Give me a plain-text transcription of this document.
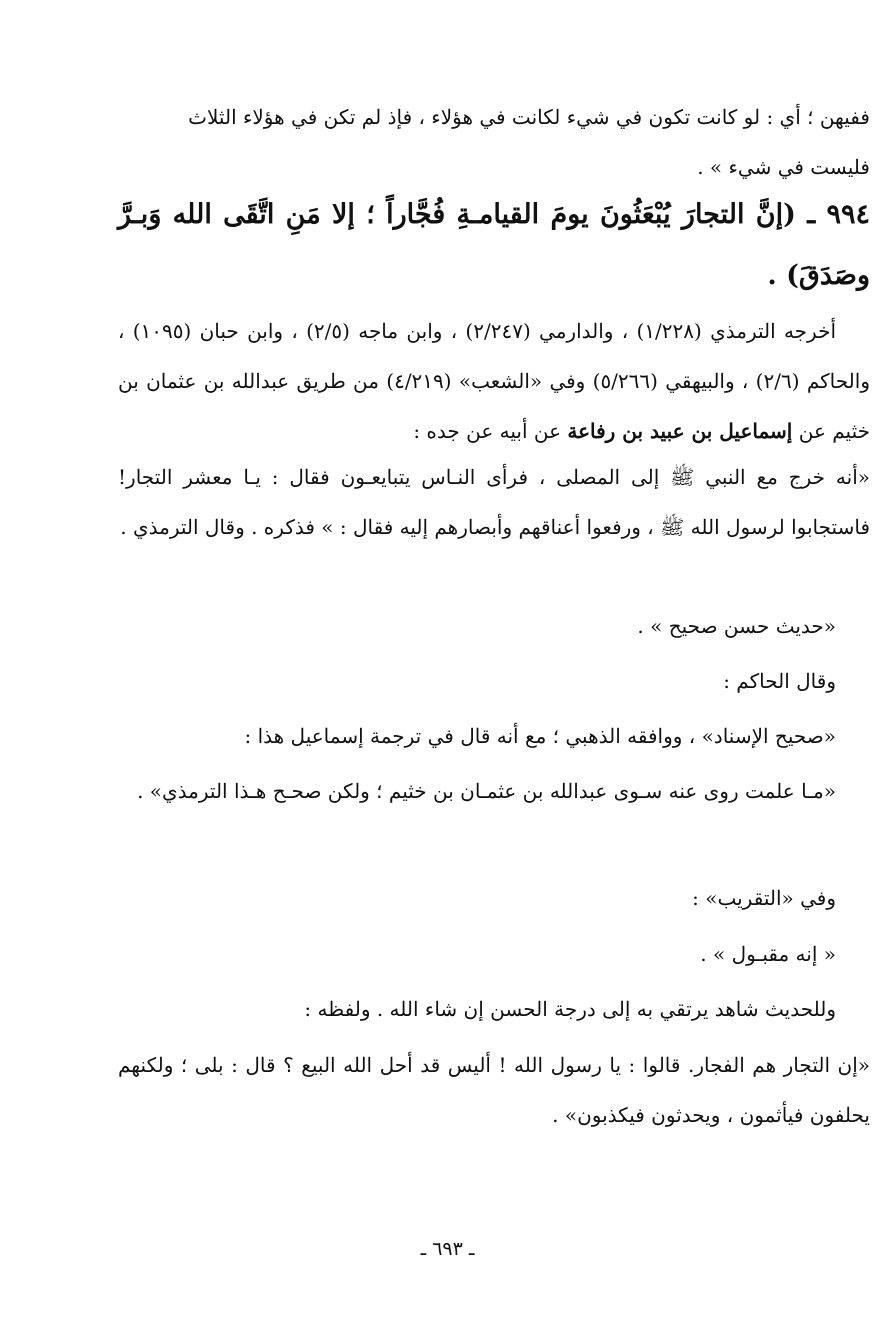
ففيهن ؛ أي : لو كانت تكون في شيء لكانت في هؤلاء ، فإذ لم تكن في هؤلاء الثلاث
فليست في شيء » .
٩٩٤ ـ (إنَّ التجارَ يُبْعَثُونَ يومَ القيامـةِ فُجَّاراً ؛ إلا مَنِ اتَّقَى الله وَبـرَّ وصَدَقَ) .
أخرجه الترمذي (١/٢٢٨) ، والدارمي (٢/٢٤٧) ، وابن ماجه (٢/٥) ، وابن حبان (١٠٩٥) ، والحاكم (٢/٦) ، والبيهقي (٥/٢٦٦) وفي «الشعب» (٤/٢١٩) من طريق عبدالله بن عثمان بن خثيم عن إسماعيل بن عبيد بن رفاعة عن أبيه عن جده :
«أنه خرج مع النبي ﷺ إلى المصلى ، فرأى النـاس يتبايعـون فقال : يـا معشر التجار! فاستجابوا لرسول الله ﷺ ، ورفعوا أعناقهم وأبصارهم إليه فقال : » فذكره . وقال الترمذي .
«حديث حسن صحيح » .
وقال الحاكم :
«صحيح الإسناد» ، ووافقه الذهبي ؛ مع أنه قال في ترجمة إسماعيل هذا :
«مـا علمت روى عنه سـوى عبدالله بن عثمـان بن خثيم ؛ ولكن صحـح هـذا الترمذي» .
وفي «التقريب» :
« إنه مقبـول » .
وللحديث شاهد يرتقي به إلى درجة الحسن إن شاء الله . ولفظه :
«إن التجار هم الفجار. قالوا : يا رسول الله ! أليس قد أحل الله البيع ؟ قال : بلى ؛ ولكنهم يحلفون فيأثمون ، ويحدثون فيكذبون» .
ـ ٦٩٣ ـ
